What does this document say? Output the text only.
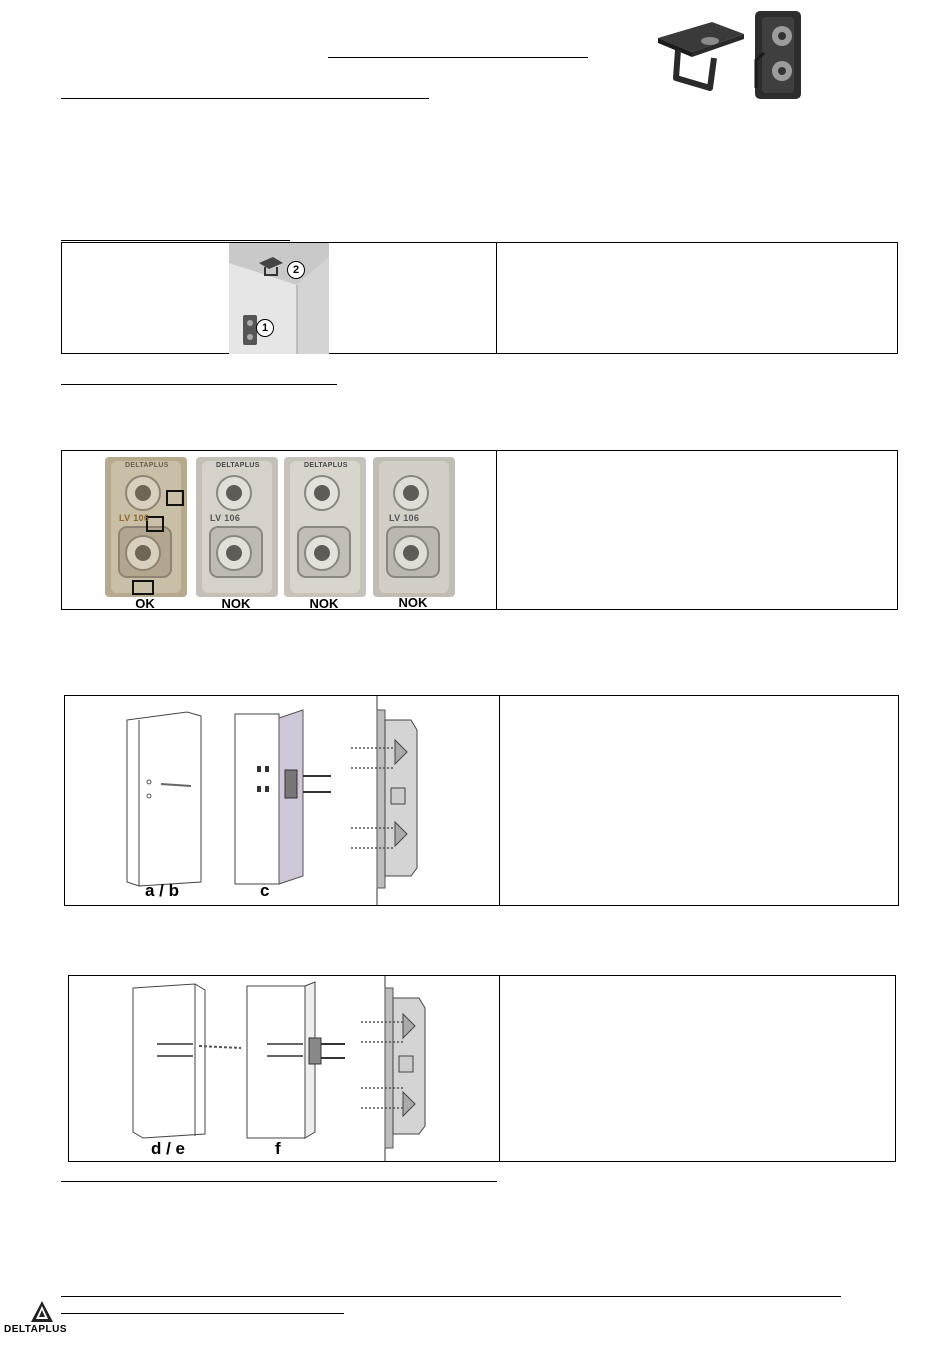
2
1
DELTAPLUS
LV 106
OK
DELTAPLUS
LV 106
NOK
DELTAPLUS
NOK
LV 106
NOK
a / b	c
d / e	f
DELTAPLUS
